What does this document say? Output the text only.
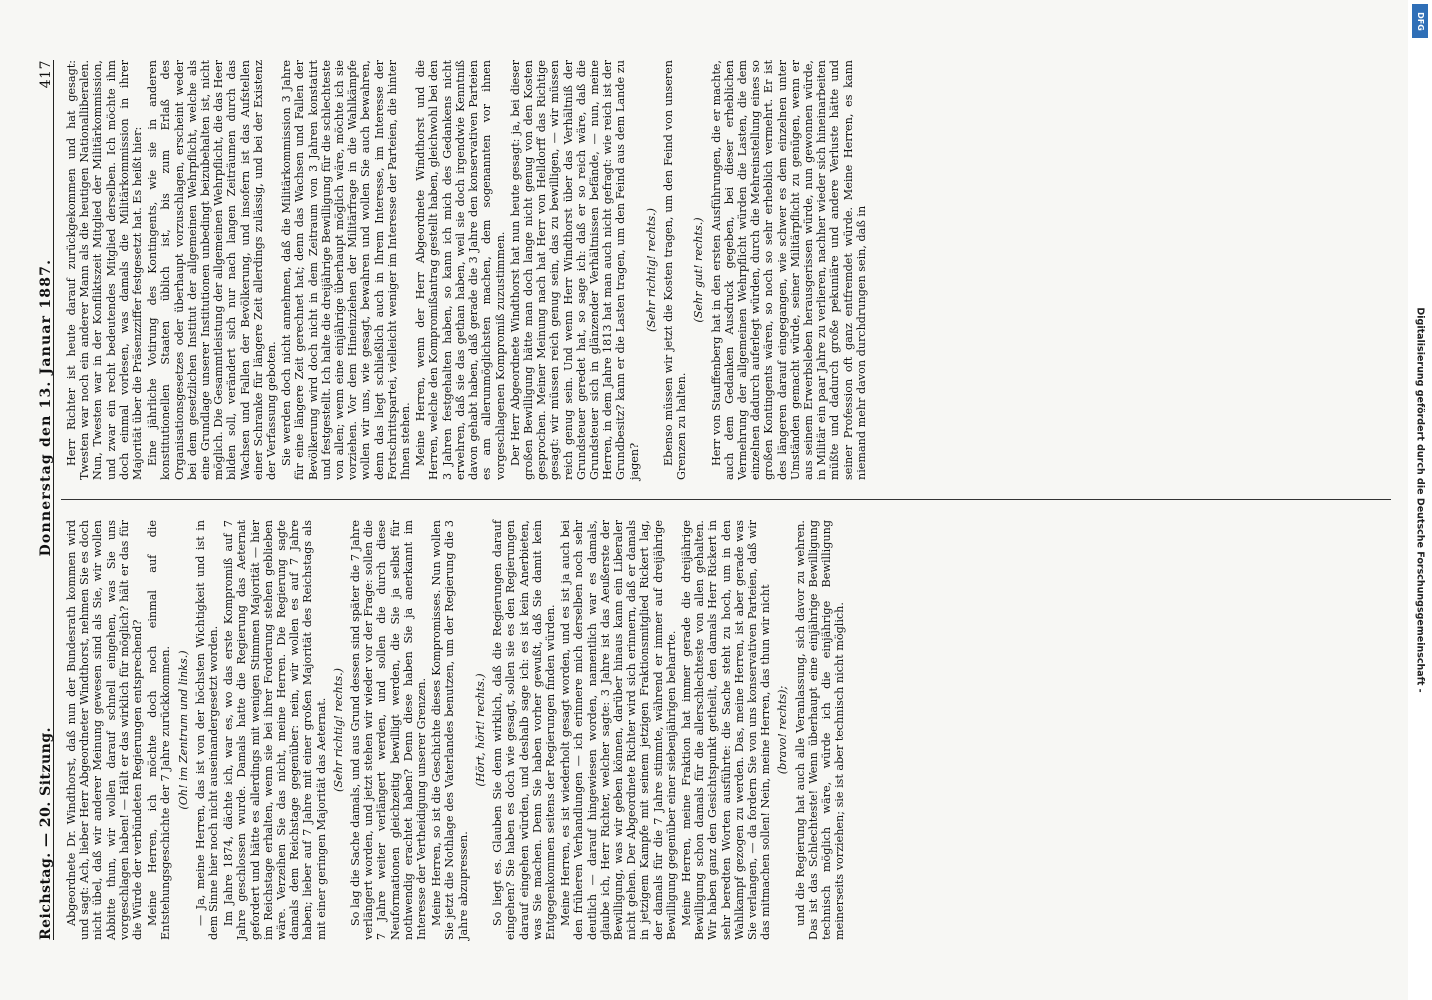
Reichstag. — 20. Sitzung.
Donnerstag den 13. Januar 1887.
417

Abgeordnete Dr. Windthorst, daß nun der Bundesrath kommen wird und sagt: Ach, lieber Herr Abgeordneter Windthorst, nehmen Sie es doch nicht übel, daß wir anderer Meinung gewesen sind als Sie, wir wollen Abbitte thun, wir wollen darauf schnell eingehen, was Sie uns vorgeschlagen haben! — Hält er das wirklich für möglich? hält er das für die Würde der verbündeten Regierungen entsprechend? Meine Herren, ich möchte doch noch einmal auf die Entstehungsgeschichte der 7 Jahre zurückkommen. (Oh! im Zentrum und links.) — Ja, meine Herren, das ist von der höchsten Wichtigkeit und ist in dem Sinne hier noch nicht auseinandergesetzt worden. Im Jahre 1874, dächte ich, war es, wo das erste Kompromiß auf 7 Jahre geschlossen wurde. Damals hatte die Regierung das Aeternat gefordert und hätte es allerdings mit wenigen Stimmen Majorität — hier im Reichstage erhalten, wenn sie bei ihrer Forderung stehen geblieben wäre. Verzeihen Sie das nicht, meine Herren. Die Regierung sagte damals dem Reichstage gegenüber: nein, wir wollen es auf 7 Jahre haben; lieber auf 7 Jahre mit einer großen Majorität des Reichstags als mit einer geringen Majorität das Aeternat. (Sehr richtig! rechts.) So lag die Sache damals, und aus Grund dessen sind später die 7 Jahre verlängert worden, und jetzt stehen wir wieder vor der Frage: sollen die 7 Jahre weiter verlängert werden, und sollen die durch diese Neuformationen gleichzeitig bewilligt werden, die Sie ja selbst für nothwendig erachtet haben? Denn diese haben Sie ja anerkannt im Interesse der Vertheidigung unserer Grenzen. Meine Herren, so ist die Geschichte dieses Kompromisses. Nun wollen Sie jetzt die Nothlage des Vaterlandes benutzen, um der Regierung die 3 Jahre abzupressen.

(Hört, hört! rechts.) So liegt es. Glauben Sie denn wirklich, daß die Regierungen darauf eingehen? Sie haben es doch wie gesagt, sollen sie es den Regierungen darauf eingehen würden, und deshalb sage ich: es ist kein Anerbieten, was Sie machen. Denn Sie haben vorher gewußt, daß Sie damit kein Entgegenkommen seitens der Regierungen finden würden. Meine Herren, es ist wiederholt gesagt worden, und es ist ja auch bei den früheren Verhandlungen — ich erinnere mich derselben noch sehr deutlich — darauf hingewiesen worden, namentlich war es damals, glaube ich, Herr Richter, welcher sagte: 3 Jahre ist das Aeußerste der Bewilligung, was wir geben können, darüber hinaus kann ein Liberaler nicht gehen. Der Abgeordnete Richter wird sich erinnern, daß er damals in jetzigem Kampfe mit seinem jetzigen Fraktionsmitglied Rickert lag, der damals für die 7 Jahre stimmte, während er immer auf dreijährige Bewilligung gegenüber einer siebenjährigen beharrte. Meine Herren, meine Fraktion hat immer gerade die dreijährige Bewilligung schon damals für die allerschlechteste von allen gehalten. Wir haben ganz den Gesichtspunkt getheilt, den damals Herr Rickert in sehr beredten Worten ausführte: die Sache steht zu hoch, um in den Wahlkampf gezogen zu werden. Das, meine Herren, ist aber gerade was Sie verlangen, — da fordern Sie von uns konservativen Parteien, daß wir das mitmachen sollen! Nein, meine Herren, das thun wir nicht (bravo! rechts); und die Regierung hat auch alle Veranlassung, sich davor zu wehren. Das ist das Schlechteste! Wenn überhaupt eine einjährige Bewilligung technisch möglich wäre, würde ich die einjährige Bewilligung meinerseits vorziehen; sie ist aber technisch nicht möglich.

Herr Richter ist heute darauf zurückgekommen und hat gesagt: Twesten war noch ein anderer Mann als die heutigen Nationalliberalen. Nun, Twesten war in der Konfliktszeit Mitglied der Militärkommission, und zwar ein recht bedeutendes Mitglied derselben. Ich möchte ihm doch einmal vorlesen, was damals die Militärkommission in ihrer Majorität über die Präsenzziffer festgesetzt hat. Es heißt hier: Eine jährliche Votirung des Kontingents, wie sie in anderen konstitutionellen Staaten üblich ist, bis zum Erlaß des Organisationsgesetzes oder überhaupt vorzuschlagen, erscheint weder bei dem gesetzlichen Institut der allgemeinen Wehrpflicht, welche als eine Grundlage unserer Institutionen unbedingt beizubehalten ist, nicht möglich. Die Gesammtleistung der allgemeinen Wehrpflicht, die das Heer bilden soll, verändert sich nur nach langen Zeiträumen durch das Wachsen und Fallen der Bevölkerung, und insofern ist das Aufstellen einer Schranke für längere Zeit allerdings zulässig, und bei der Existenz der Verfassung geboten. Sie werden doch nicht annehmen, daß die Militärkommission 3 Jahre für eine längere Zeit gerechnet hat; denn das Wachsen und Fallen der Bevölkerung wird doch nicht in dem Zeitraum von 3 Jahren konstatirt und festgestellt. Ich halte die dreijährige Bewilligung für die schlechteste von allen; wenn eine einjährige überhaupt möglich wäre, möchte ich sie vorziehen. Vor dem Hineinziehen der Militärfrage in die Wahlkämpfe wollen wir uns, wie gesagt, bewahren und wollen Sie auch bewahren, denn das liegt schließlich auch in Ihrem Interesse, im Interesse der Fortschrittspartei, vielleicht weniger im Interesse der Parteien, die hinter Ihnen stehen. Meine Herren, wenn der Herr Abgeordnete Windthorst und die Herren, welche den Kompromißantrag gestellt haben, gleichwohl bei den 3 Jahren festgehalten haben, so kann ich mich des Gedankens nicht erwehren, daß sie das gethan haben, weil sie doch irgendwie Kenntniß davon gehabt haben, daß gerade die 3 Jahre den konservativen Parteien es am allerunmöglichsten machen, dem sogenannten vor ihnen vorgeschlagenen Kompromiß zuzustimmen. Der Herr Abgeordnete Windthorst hat nun heute gesagt: ja, bei dieser großen Bewilligung hätte man doch lange nicht genug von den Kosten gesprochen. Meiner Meinung nach hat Herr von Helldorff das Richtige gesagt: wir müssen reich genug sein, das zu bewilligen, — wir müssen reich genug sein. Und wenn Herr Windthorst über das Verhältniß der Grundsteuer geredet hat, so sage ich: daß er so reich wäre, daß die Grundsteuer sich in glänzender Verhältnissen befände, — nun, meine Herren, in dem Jahre 1813 hat man auch nicht gefragt: wie reich ist der Grundbesitz? kann er die Lasten tragen, um den Feind aus dem Lande zu jagen?

(Sehr richtig! rechts.) Ebenso müssen wir jetzt die Kosten tragen, um den Feind von unseren Grenzen zu halten.

(Sehr gut! rechts.) Herr von Stauffenberg hat in den ersten Ausführungen, die er machte, auch dem Gedanken Ausdruck gegeben, bei dieser erheblichen Vermehrung der allgemeinen Wehrpflicht würden die Lasten, die dem einzelnen dadurch auferlegt würden, durch die Mehreinstellung eines so großen Kontingents wären, so noch so sehr erheblich vermehrt. Er ist des längeren darauf eingegangen, wie schwer es dem einzelnen unter Umständen gemacht würde, seiner Militärpflicht zu genügen, wenn er aus seinem Erwerbsleben herausgerissen würde, nun gewonnen würde, in Militär ein paar Jahre zu verlieren, nachher wieder sich hineinarbeiten müßte und dadurch große pekuniäre und andere Verluste hätte und seiner Profession oft ganz entfremdet würde. Meine Herren, es kann niemand mehr davon durchdrungen sein, daß in	Digitalisierung gefördert durch die Deutsche Forschungsgemeinschaft -
DFG
